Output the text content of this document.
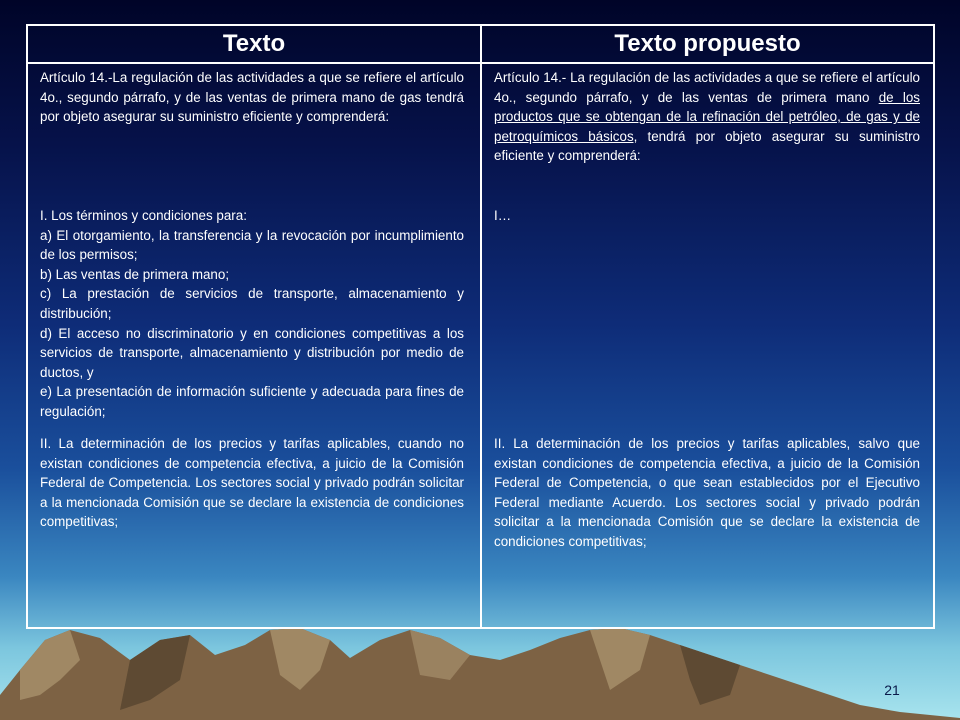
Texto	Texto propuesto
Artículo 14.-La regulación de las actividades a que se refiere el artículo 4o., segundo párrafo, y de las ventas de primera mano de gas tendrá por objeto asegurar su suministro eficiente y comprenderá:

I. Los términos y condiciones para:

a) El otorgamiento, la transferencia y la revocación por incumplimiento de los permisos;

b) Las ventas de primera mano;

c) La prestación de servicios de transporte, almacenamiento y distribución;

d) El acceso no discriminatorio y en condiciones competitivas a los servicios de transporte, almacenamiento y distribución por medio de ductos, y

e) La presentación de información suficiente y adecuada para fines de regulación;

II. La determinación de los precios y tarifas aplicables, cuando no existan condiciones de competencia efectiva, a juicio de la Comisión Federal de Competencia. Los sectores social y privado podrán solicitar a la mencionada Comisión que se declare la existencia de condiciones competitivas;
Artículo 14.- La regulación de las actividades a que se refiere el artículo 4o., segundo párrafo, y de las ventas de primera mano de los productos que se obtengan de la refinación del petróleo, de gas y de petroquímicos básicos, tendrá por objeto asegurar su suministro eficiente y comprenderá:
I…
II. La determinación de los precios y tarifas aplicables, salvo que existan condiciones de competencia efectiva, a juicio de la Comisión Federal de Competencia, o que sean establecidos por el Ejecutivo Federal mediante Acuerdo. Los sectores social y privado podrán solicitar a la mencionada Comisión que se declare la existencia de condiciones competitivas;
21
